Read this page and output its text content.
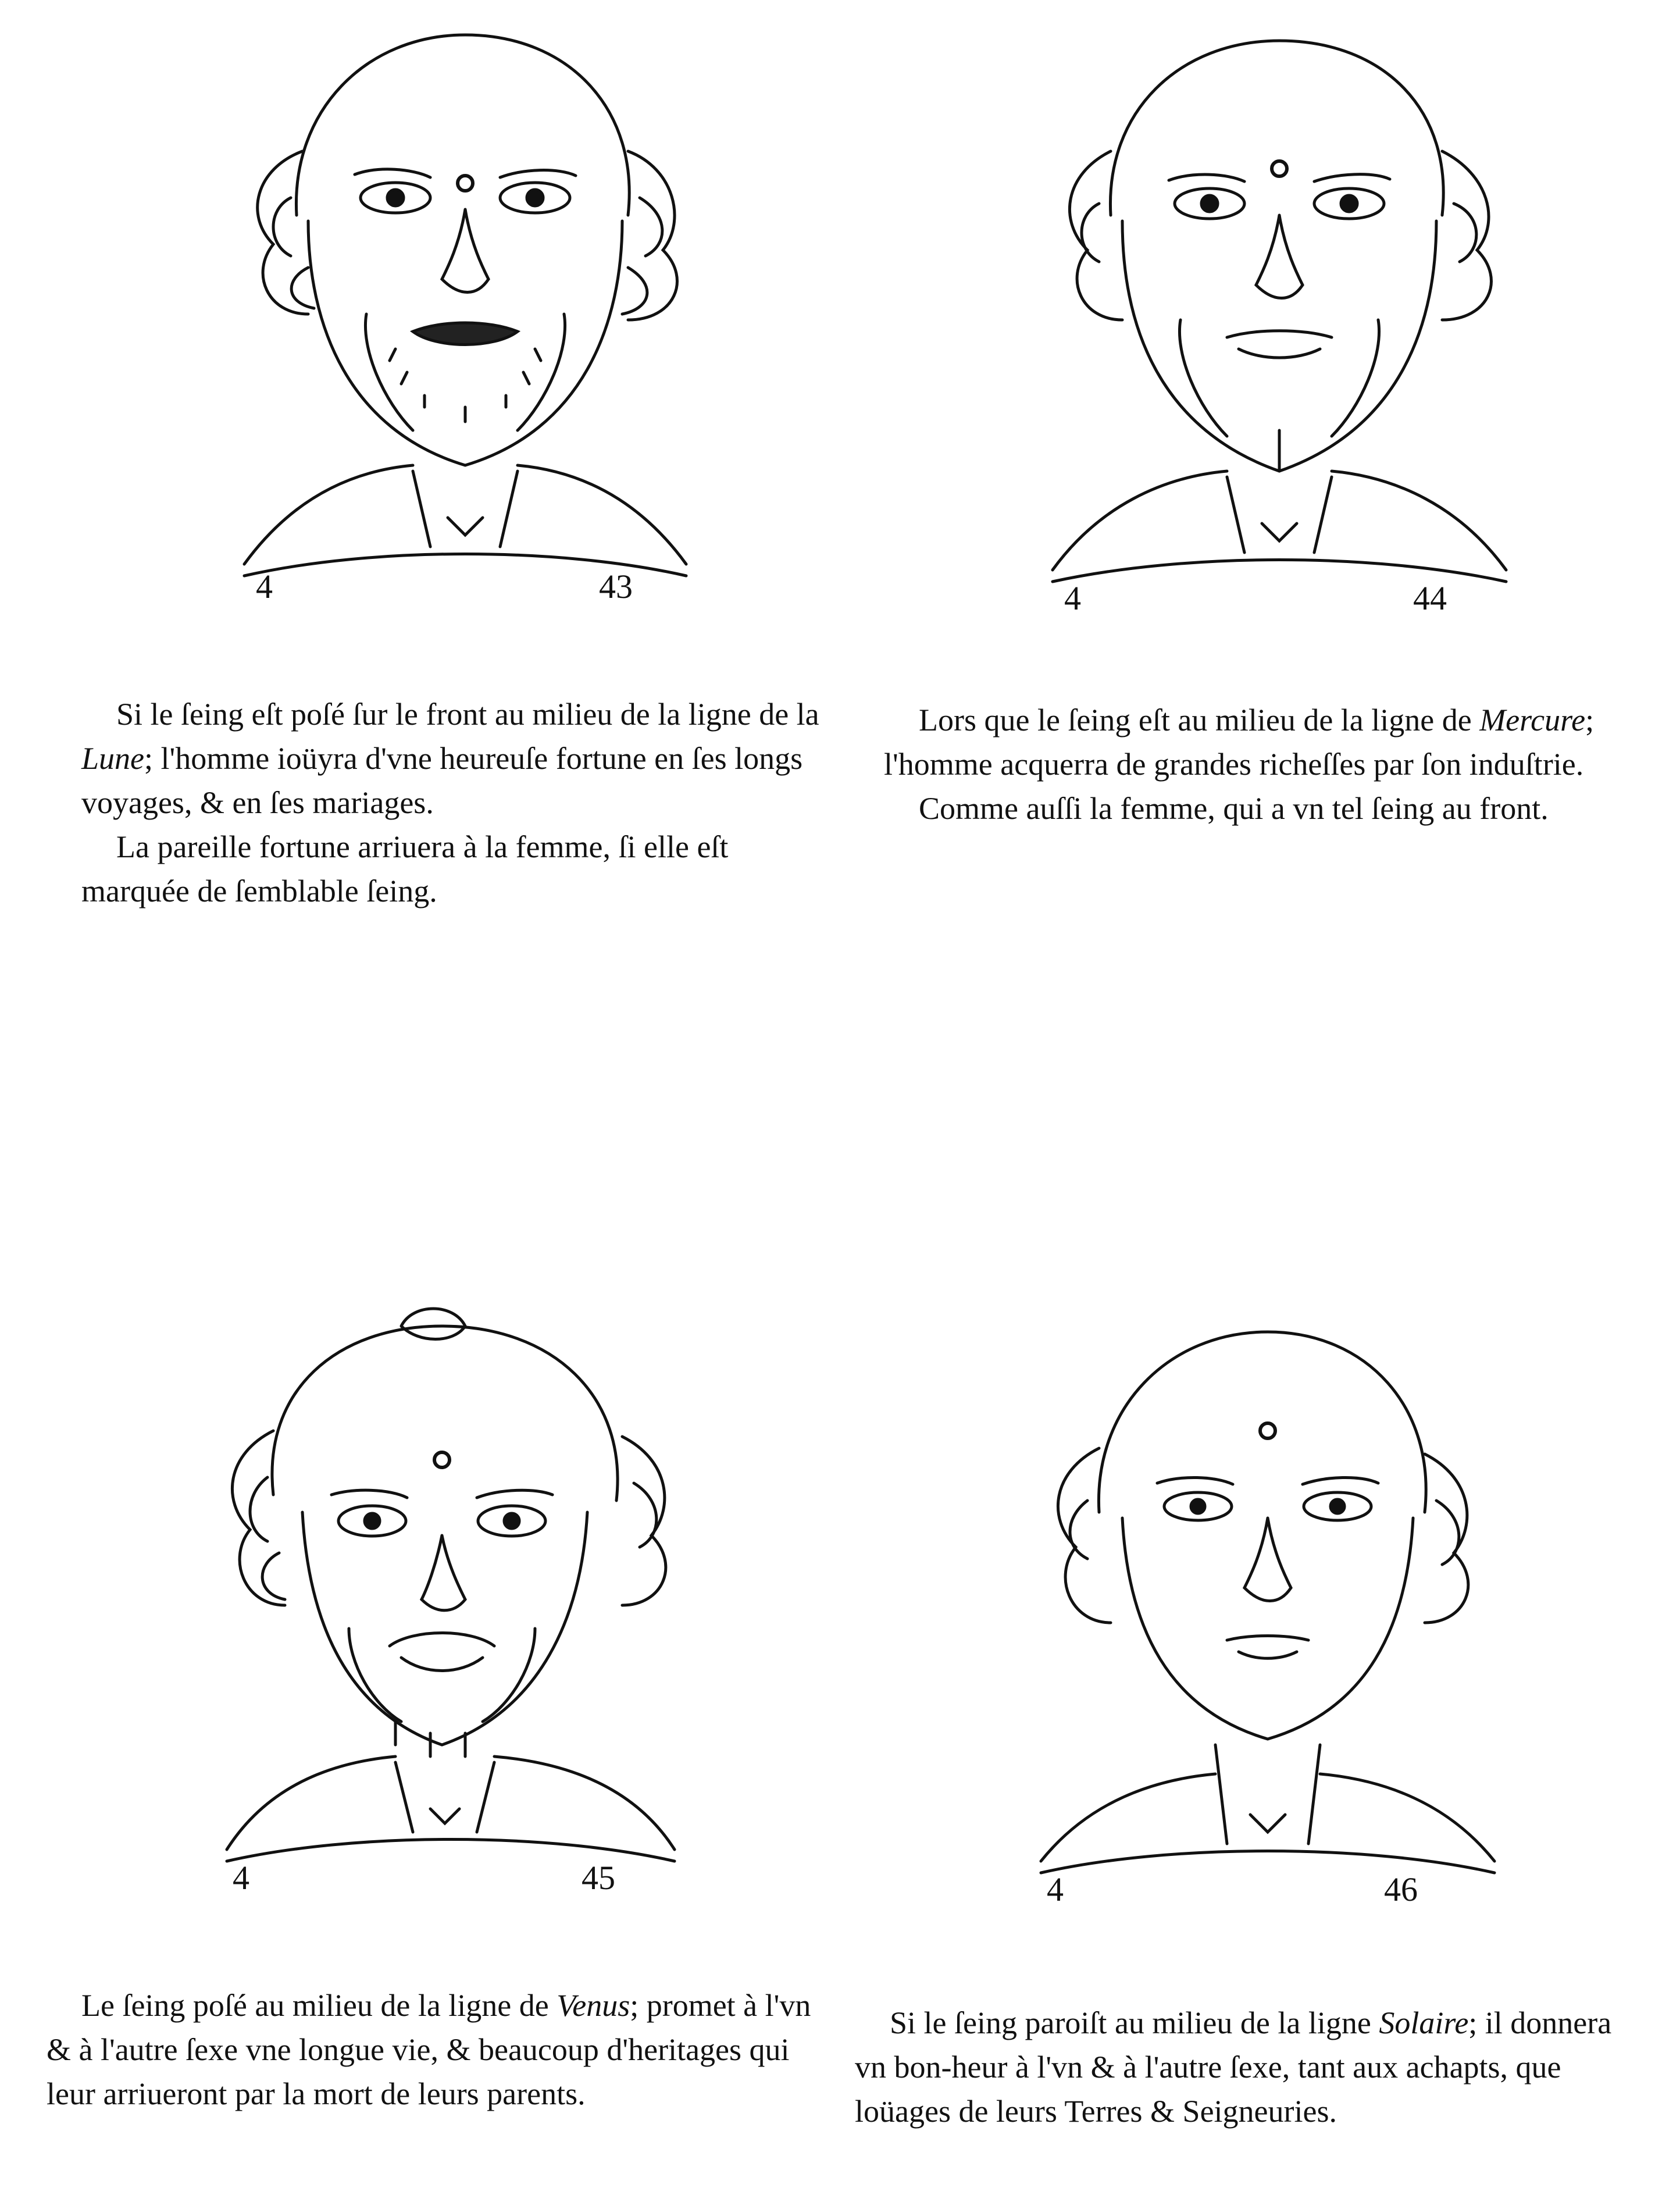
4	43	4	44

Si le ſeing eſt poſé ſur le front au milieu de la ligne de la Lune; l'homme ioüyra d'vne heureuſe fortune en ſes longs voyages, & en ſes mariages.

La pareille fortune arriuera à la femme, ſi elle eſt marquée de ſemblable ſeing.

Lors que le ſeing eſt au milieu de la ligne de Mercure; l'homme acquerra de grandes richeſſes par ſon induſtrie.

Comme auſſi la femme, qui a vn tel ſeing au front.

4	45	4	46

Le ſeing poſé au milieu de la ligne de Venus; promet à l'vn & à l'autre ſexe vne longue vie, & beaucoup d'heritages qui leur arriueront par la mort de leurs parents.

Si le ſeing paroiſt au milieu de la ligne Solaire; il donnera vn bon-heur à l'vn & à l'autre ſexe, tant aux achapts, que loüages de leurs Terres & Seigneuries.
